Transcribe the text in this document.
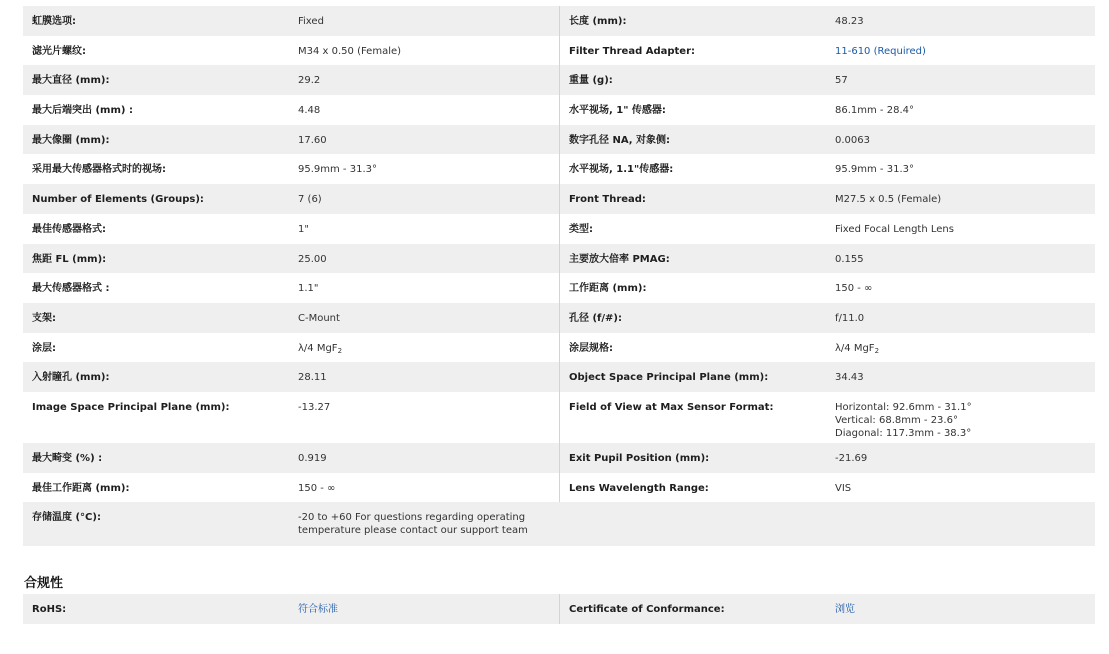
虹膜选项:	Fixed	长度 (mm):	48.23
滤光片螺纹:	M34 x 0.50 (Female)	Filter Thread Adapter:	11-610 (Required)
最大直径 (mm):	29.2	重量 (g):	57
最大后端突出 (mm) :	4.48	水平视场, 1" 传感器:	86.1mm - 28.4°
最大像圈 (mm):	17.60	数字孔径 NA, 对象侧:	0.0063
采用最大传感器格式时的视场:	95.9mm - 31.3°	水平视场, 1.1"传感器:	95.9mm - 31.3°
Number of Elements (Groups):	7 (6)	Front Thread:	M27.5 x 0.5 (Female)
最佳传感器格式:	1"	类型:	Fixed Focal Length Lens
焦距 FL (mm):	25.00	主要放大倍率 PMAG:	0.155
最大传感器格式 :	1.1"	工作距离 (mm):	150 - ∞
支架:	C-Mount	孔径 (f/#):	f/11.0
涂层:	λ/4 MgF$_2$	涂层规格:	λ/4 MgF$_2$
入射瞳孔 (mm):	28.11	Object Space Principal Plane (mm):	34.43
Image Space Principal Plane (mm):	-13.27	Field of View at Max Sensor Format:	Horizontal: 92.6mm - 31.1°
Vertical: 68.8mm - 23.6°
Diagonal: 117.3mm - 38.3°
最大畸变 (%) :	0.919	Exit Pupil Position (mm):	-21.69
最佳工作距离 (mm):	150 - ∞	Lens Wavelength Range:	VIS
存储温度 (°C):	-20 to +60 For questions regarding operating
temperature please contact our support team
合规性
RoHS:	符合标准	Certificate of Conformance:	浏览
